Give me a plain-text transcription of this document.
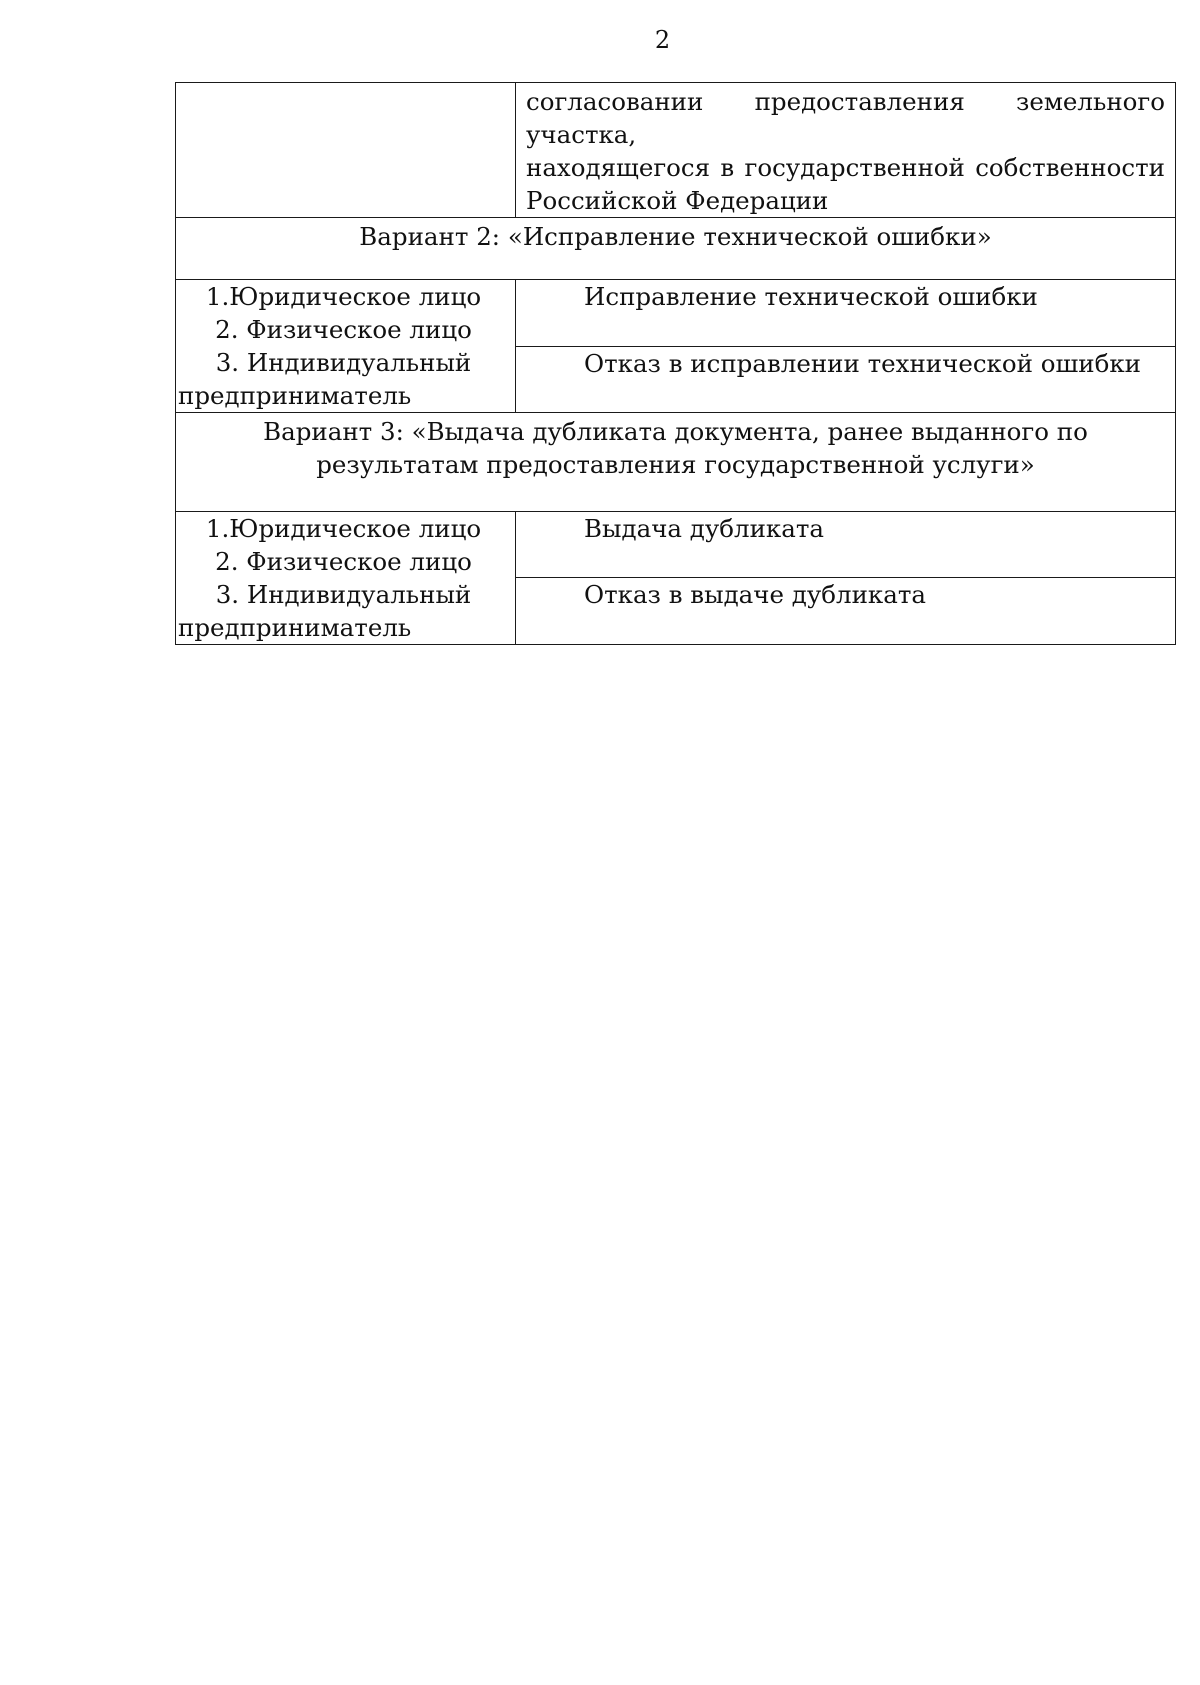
2

	согласовании предоставления земельного участка,
находящегося в государственной собственности
Российской Федерации

Вариант 2: «Исправление технической ошибки»	

1.Юридическое лицо
2. Физическое лицо
3. Индивидуальный
предприниматель	Исправление технической ошибки
	Отказ в исправлении технической ошибки

Вариант 3: «Выдача дубликата документа, ранее выданного по
результатам предоставления государственной услуги»	

1.Юридическое лицо
2. Физическое лицо
3. Индивидуальный
предприниматель	Выдача дубликата
	Отказ в выдаче дубликата
